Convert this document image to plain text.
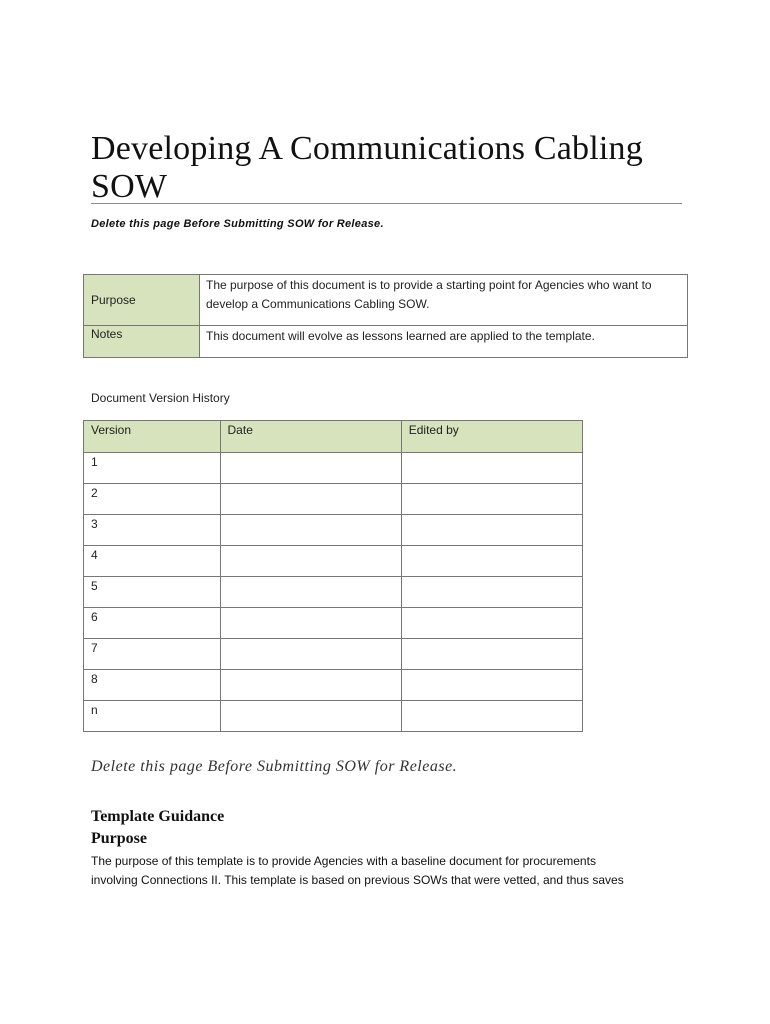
Developing A Communications Cabling
SOW
Delete this page Before Submitting SOW for Release.
Purpose	The purpose of this document is to provide a starting point for Agencies who want to
develop a Communications Cabling SOW.

Notes	This document will evolve as lessons learned are applied to the template.
Document Version History
Version	Date	Edited by
1		
2		
3		
4		
5		
6		
7		
8		
n		
Delete this page Before Submitting SOW for Release.
Template Guidance
Purpose
The purpose of this template is to provide Agencies with a baseline document for procurements
involving Connections II. This template is based on previous SOWs that were vetted, and thus saves
